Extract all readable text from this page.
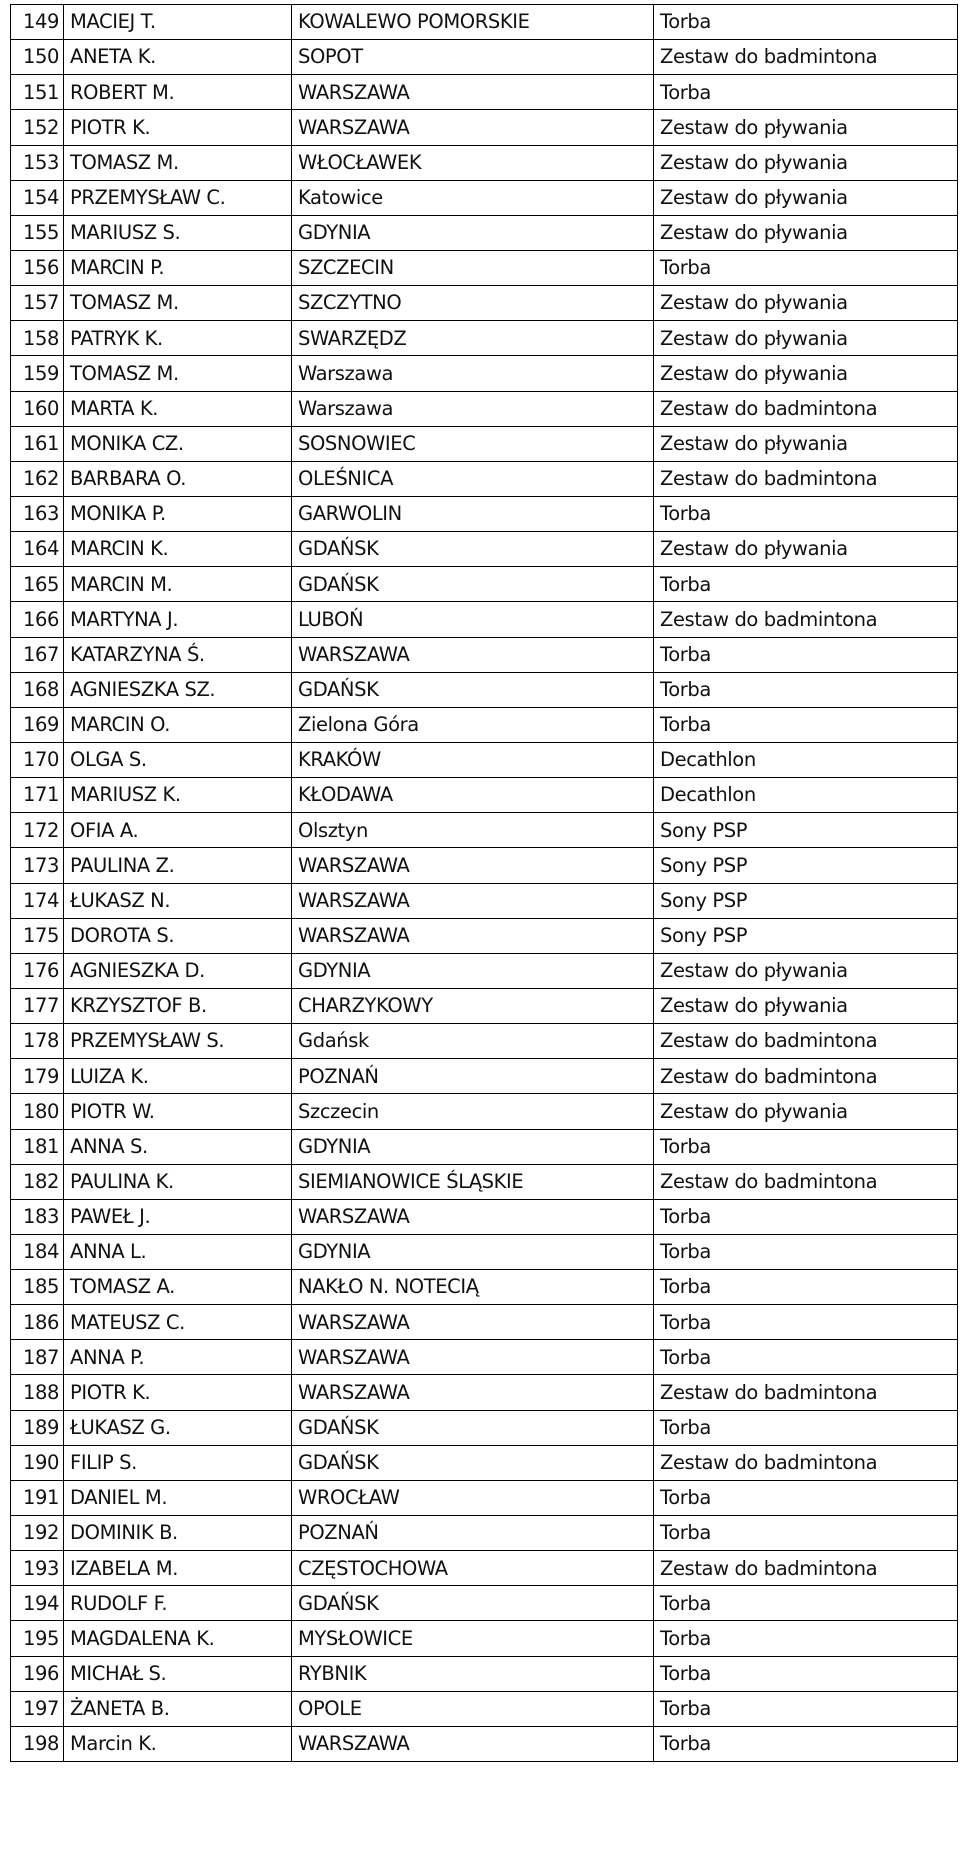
149	MACIEJ T.	KOWALEWO POMORSKIE	Torba
150	ANETA K.	SOPOT	Zestaw do badmintona
151	ROBERT M.	WARSZAWA	Torba
152	PIOTR K.	WARSZAWA	Zestaw do pływania
153	TOMASZ M.	WŁOCŁAWEK	Zestaw do pływania
154	PRZEMYSŁAW C.	Katowice	Zestaw do pływania
155	MARIUSZ S.	GDYNIA	Zestaw do pływania
156	MARCIN P.	SZCZECIN	Torba
157	TOMASZ M.	SZCZYTNO	Zestaw do pływania
158	PATRYK K.	SWARZĘDZ	Zestaw do pływania
159	TOMASZ M.	Warszawa	Zestaw do pływania
160	MARTA K.	Warszawa	Zestaw do badmintona
161	MONIKA CZ.	SOSNOWIEC	Zestaw do pływania
162	BARBARA O.	OLEŚNICA	Zestaw do badmintona
163	MONIKA P.	GARWOLIN	Torba
164	MARCIN K.	GDAŃSK	Zestaw do pływania
165	MARCIN M.	GDAŃSK	Torba
166	MARTYNA J.	LUBOŃ	Zestaw do badmintona
167	KATARZYNA Ś.	WARSZAWA	Torba
168	AGNIESZKA SZ.	GDAŃSK	Torba
169	MARCIN O.	Zielona Góra	Torba
170	OLGA S.	KRAKÓW	Decathlon
171	MARIUSZ K.	KŁODAWA	Decathlon
172	OFIA A.	Olsztyn	Sony PSP
173	PAULINA Z.	WARSZAWA	Sony PSP
174	ŁUKASZ N.	WARSZAWA	Sony PSP
175	DOROTA S.	WARSZAWA	Sony PSP
176	AGNIESZKA D.	GDYNIA	Zestaw do pływania
177	KRZYSZTOF B.	CHARZYKOWY	Zestaw do pływania
178	PRZEMYSŁAW S.	Gdańsk	Zestaw do badmintona
179	LUIZA K.	POZNAŃ	Zestaw do badmintona
180	PIOTR W.	Szczecin	Zestaw do pływania
181	ANNA S.	GDYNIA	Torba
182	PAULINA K.	SIEMIANOWICE ŚLĄSKIE	Zestaw do badmintona
183	PAWEŁ J.	WARSZAWA	Torba
184	ANNA L.	GDYNIA	Torba
185	TOMASZ A.	NAKŁO N. NOTECIĄ	Torba
186	MATEUSZ C.	WARSZAWA	Torba
187	ANNA P.	WARSZAWA	Torba
188	PIOTR K.	WARSZAWA	Zestaw do badmintona
189	ŁUKASZ G.	GDAŃSK	Torba
190	FILIP S.	GDAŃSK	Zestaw do badmintona
191	DANIEL M.	WROCŁAW	Torba
192	DOMINIK B.	POZNAŃ	Torba
193	IZABELA M.	CZĘSTOCHOWA	Zestaw do badmintona
194	RUDOLF F.	GDAŃSK	Torba
195	MAGDALENA K.	MYSŁOWICE	Torba
196	MICHAŁ S.	RYBNIK	Torba
197	ŻANETA B.	OPOLE	Torba
198	Marcin K.	WARSZAWA	Torba
